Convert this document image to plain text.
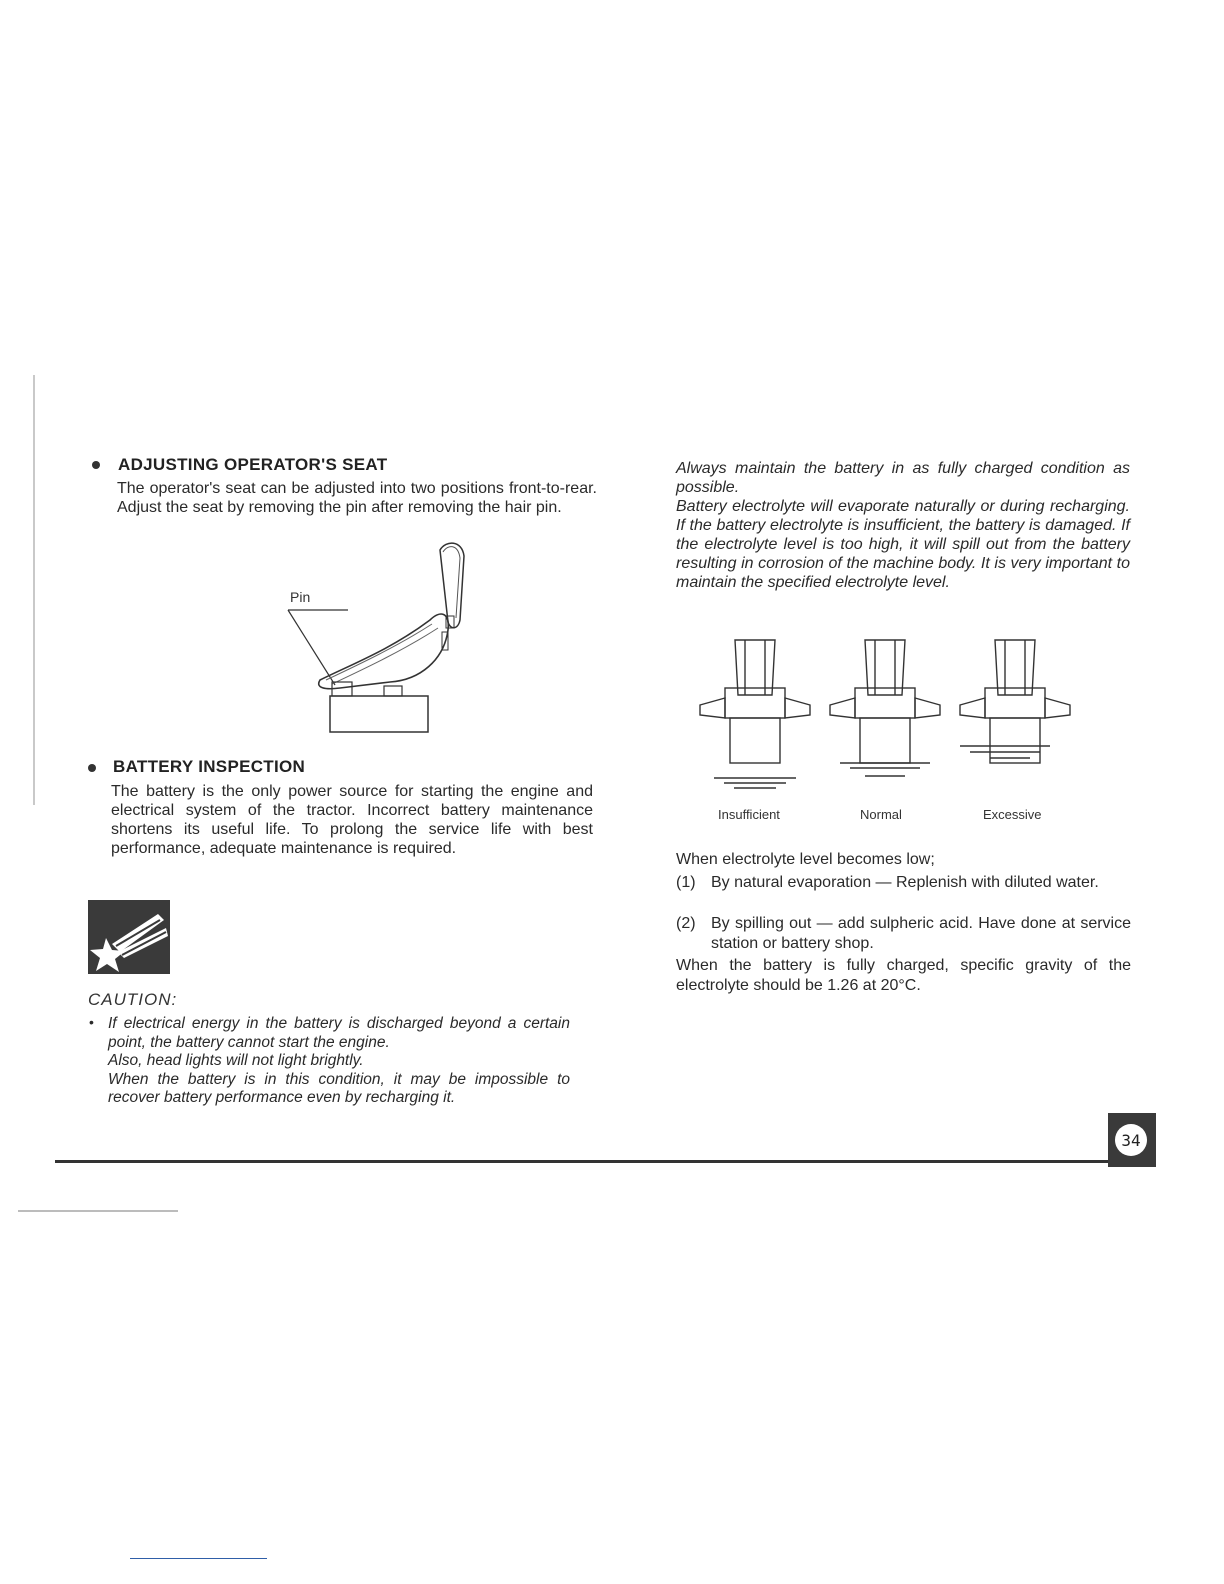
ADJUSTING OPERATOR'S SEAT

The operator's seat can be adjusted into two positions front-to-rear. Adjust the seat by removing the pin after removing the hair pin.

Pin
BATTERY INSPECTION

The battery is the only power source for starting the engine and electrical system of the tractor. Incorrect battery maintenance shortens its useful life. To prolong the service life with best performance, adequate maintenance is required.

CAUTION:
• If electrical energy in the battery is discharged beyond a certain point, the battery cannot start the engine.

Also, head lights will not light brightly.

When the battery is in this condition, it may be impossible to recover battery performance even by recharging it.

Always maintain the battery in as fully charged condition as possible.

Battery electrolyte will evaporate naturally or during recharging. If the battery electrolyte is insufficient, the battery is damaged. If the electrolyte level is too high, it will spill out from the battery resulting in corrosion of the machine body. It is very important to maintain the specified electrolyte level.

Insufficient	Normal	Excessive
When electrolyte level becomes low;
(1) By natural evaporation — Replenish with diluted water.
(2) By spilling out — add sulpheric acid. Have done at service station or battery shop.
When the battery is fully charged, specific gravity of the electrolyte should be 1.26 at 20°C.
34
